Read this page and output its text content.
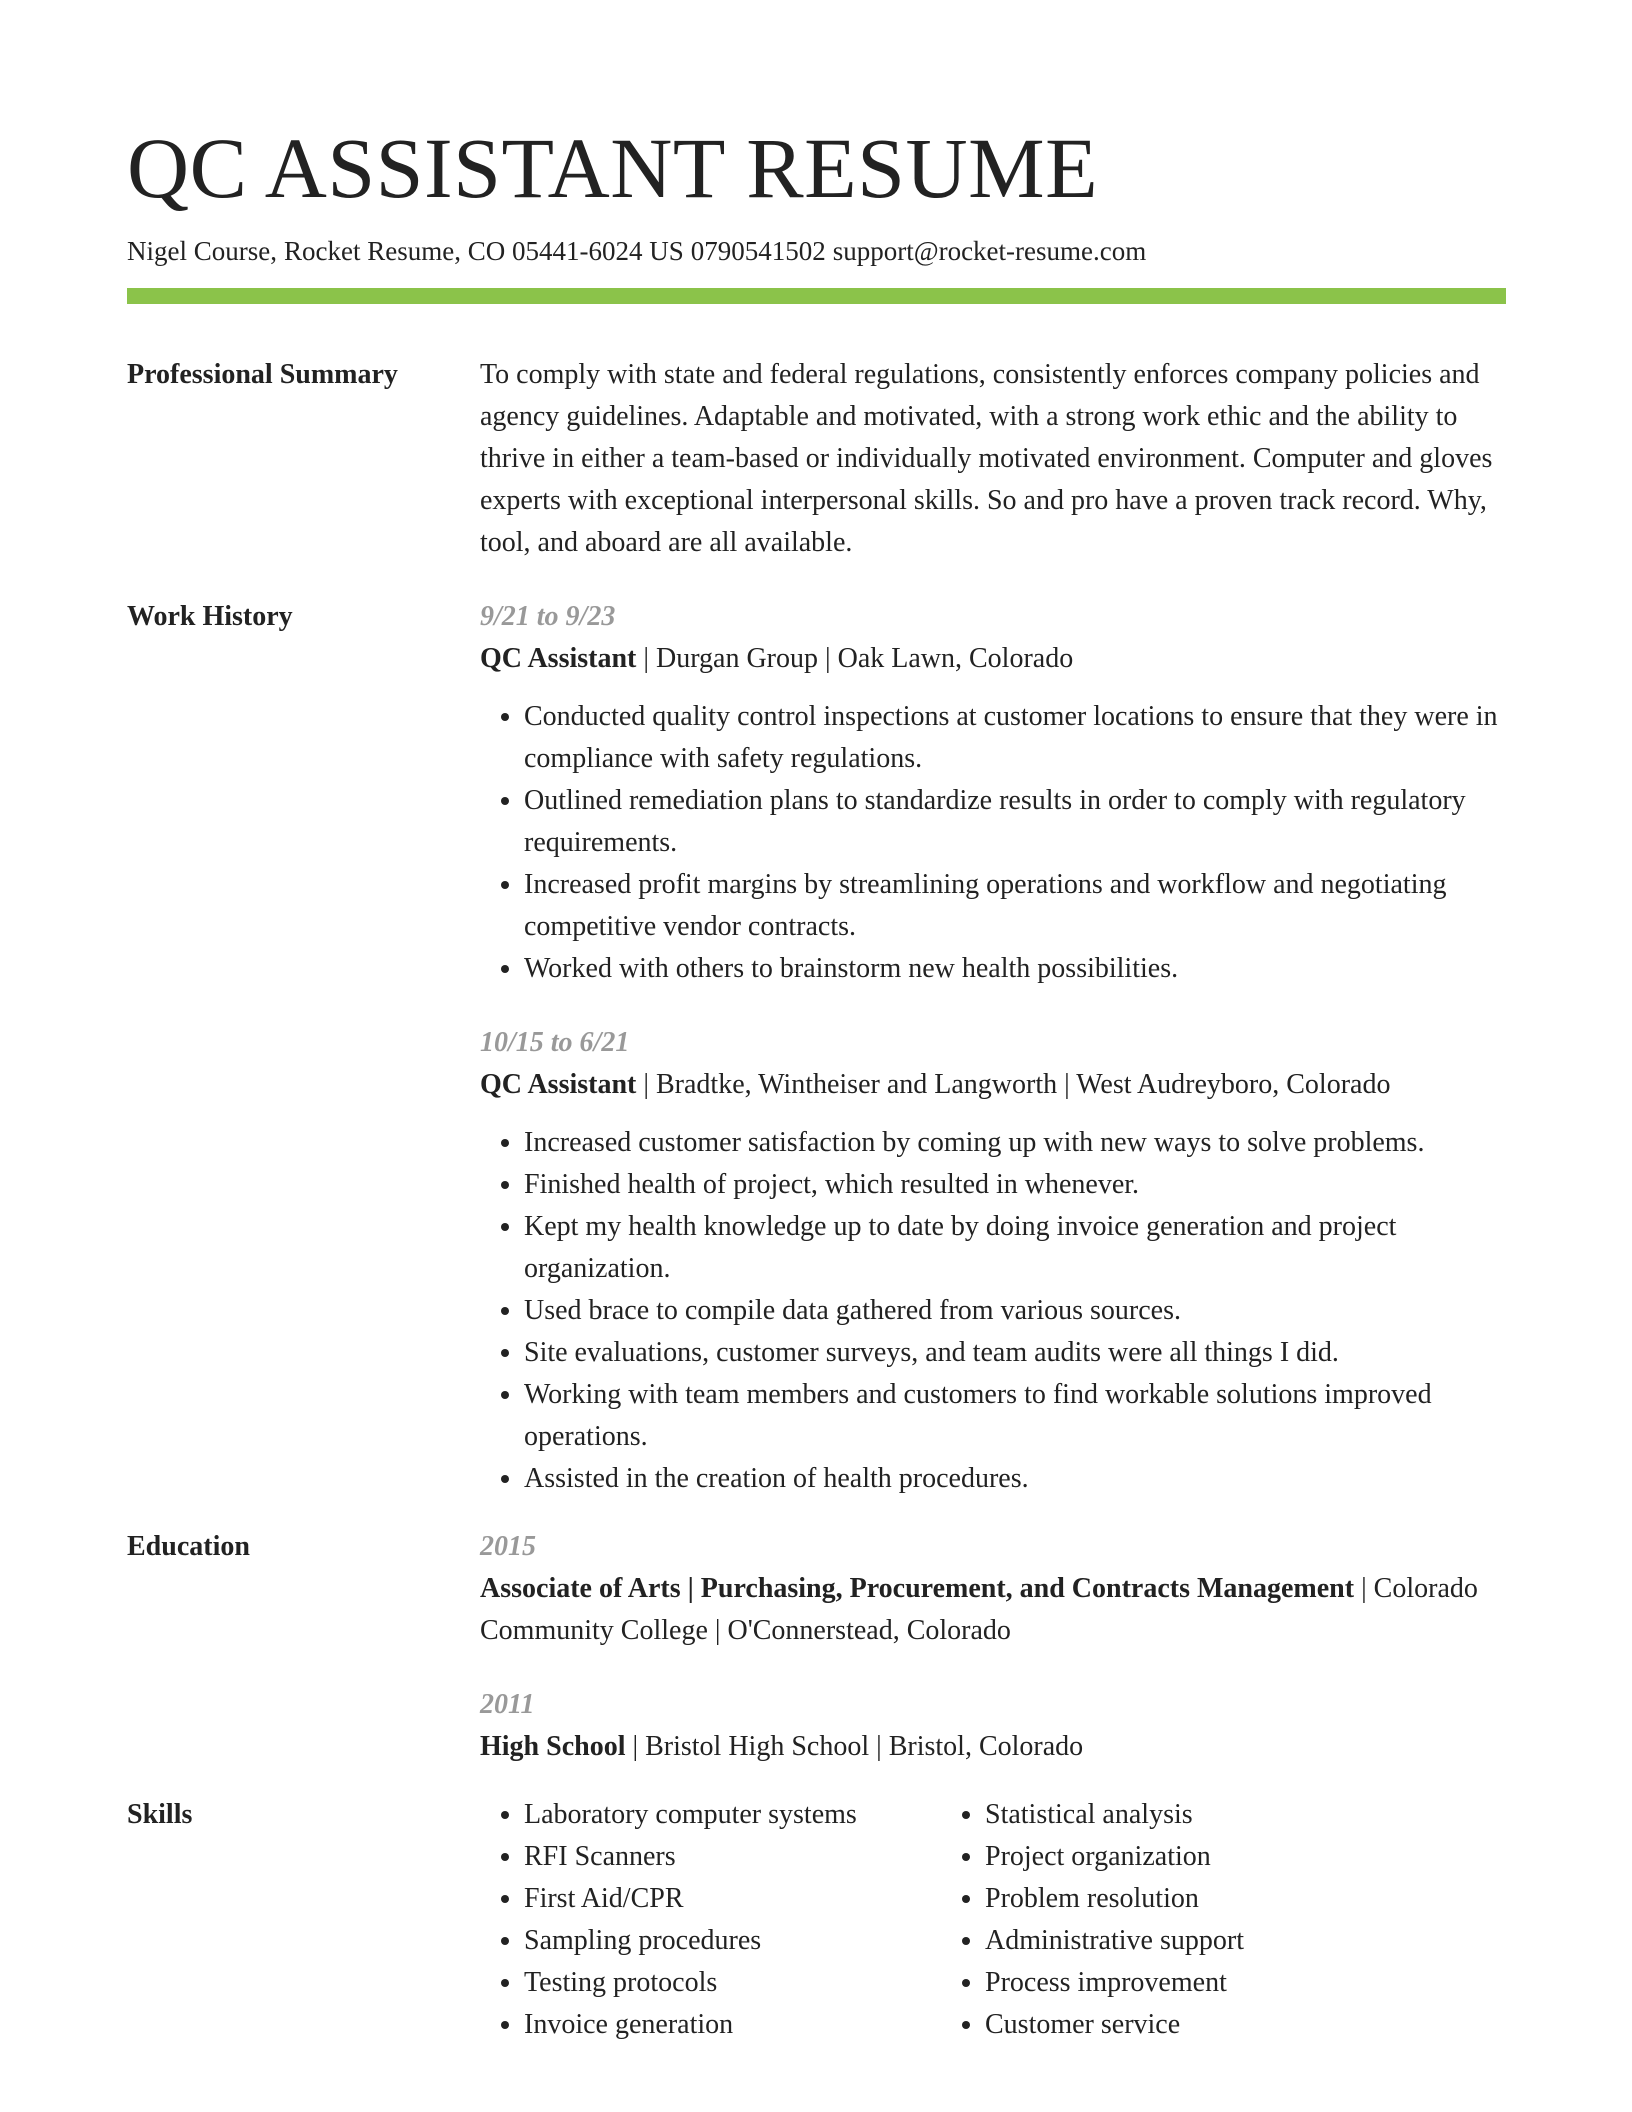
QC ASSISTANT RESUME
Nigel Course, Rocket Resume, CO 05441-6024 US 0790541502 support@rocket-resume.com
Professional Summary	To comply with state and federal regulations, consistently enforces company policies and agency guidelines. Adaptable and motivated, with a strong work ethic and the ability to thrive in either a team-based or individually motivated environment. Computer and gloves experts with exceptional interpersonal skills. So and pro have a proven track record. Why, tool, and aboard are all available.
Work History	9/21 to 9/23
QC Assistant | Durgan Group | Oak Lawn, Colorado
• Conducted quality control inspections at customer locations to ensure that they were in compliance with safety regulations.
• Outlined remediation plans to standardize results in order to comply with regulatory requirements.
• Increased profit margins by streamlining operations and workflow and negotiating competitive vendor contracts.
• Worked with others to brainstorm new health possibilities.
10/15 to 6/21
QC Assistant | Bradtke, Wintheiser and Langworth | West Audreyboro, Colorado
• Increased customer satisfaction by coming up with new ways to solve problems.
• Finished health of project, which resulted in whenever.
• Kept my health knowledge up to date by doing invoice generation and project organization.
• Used brace to compile data gathered from various sources.
• Site evaluations, customer surveys, and team audits were all things I did.
• Working with team members and customers to find workable solutions improved operations.
• Assisted in the creation of health procedures.
Education	2015
Associate of Arts | Purchasing, Procurement, and Contracts Management | Colorado Community College | O'Connerstead, Colorado
2011
High School | Bristol High School | Bristol, Colorado
Skills
•	Laboratory computer systems
• RFI Scanners
• First Aid/CPR
• Sampling procedures
• Testing protocols
• Invoice generation
• Statistical analysis
• Project organization
• Problem resolution
• Administrative support
• Process improvement
• Customer service
